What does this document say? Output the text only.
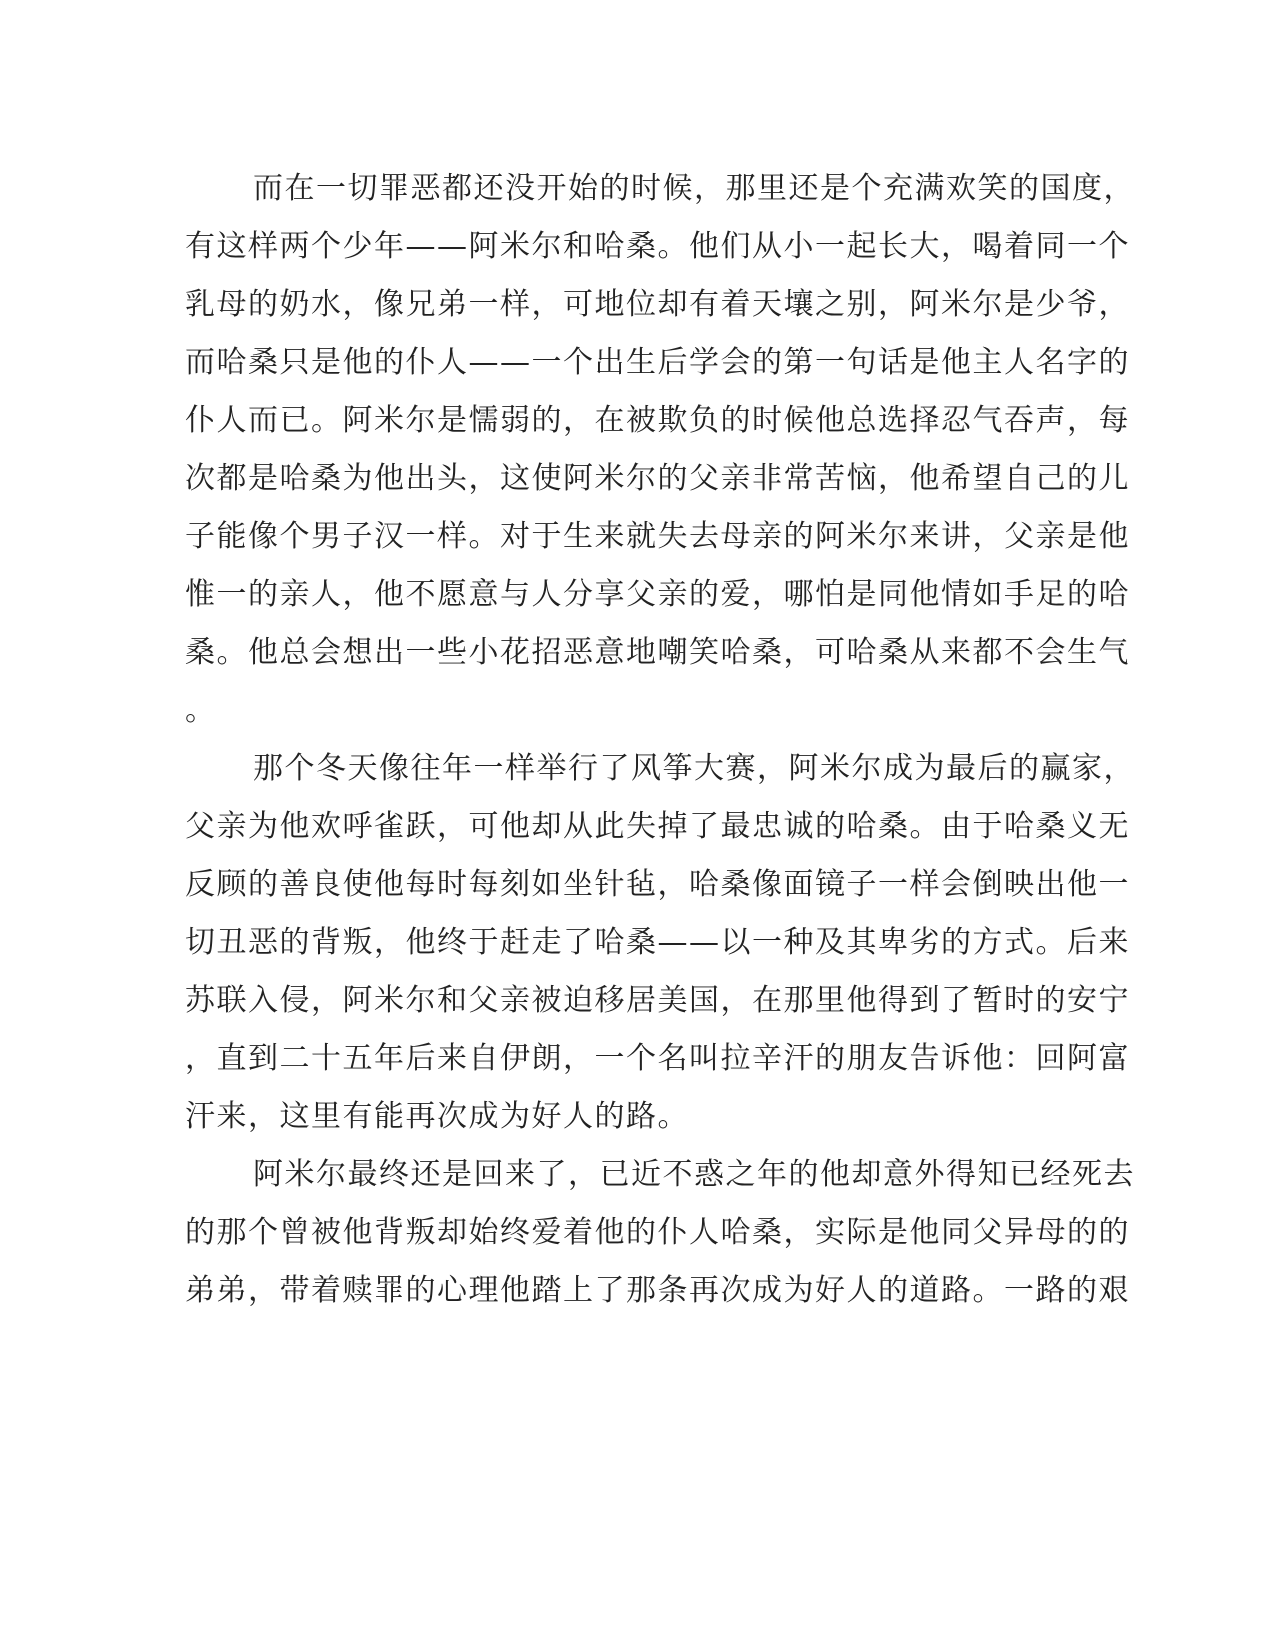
而在一切罪恶都还没开始的时候，那里还是个充满欢笑的国度，
有这样两个少年——阿米尔和哈桑。他们从小一起长大，喝着同一个
乳母的奶水，像兄弟一样，可地位却有着天壤之别，阿米尔是少爷，
而哈桑只是他的仆人——一个出生后学会的第一句话是他主人名字的
仆人而已。阿米尔是懦弱的，在被欺负的时候他总选择忍气吞声，每
次都是哈桑为他出头，这使阿米尔的父亲非常苦恼，他希望自己的儿
子能像个男子汉一样。对于生来就失去母亲的阿米尔来讲，父亲是他
惟一的亲人，他不愿意与人分享父亲的爱，哪怕是同他情如手足的哈
桑。他总会想出一些小花招恶意地嘲笑哈桑，可哈桑从来都不会生气
。
那个冬天像往年一样举行了风筝大赛，阿米尔成为最后的赢家，
父亲为他欢呼雀跃，可他却从此失掉了最忠诚的哈桑。由于哈桑义无
反顾的善良使他每时每刻如坐针毡，哈桑像面镜子一样会倒映出他一
切丑恶的背叛，他终于赶走了哈桑——以一种及其卑劣的方式。后来
苏联入侵，阿米尔和父亲被迫移居美国，在那里他得到了暂时的安宁
，直到二十五年后来自伊朗，一个名叫拉辛汗的朋友告诉他：回阿富
汗来，这里有能再次成为好人的路。
阿米尔最终还是回来了，已近不惑之年的他却意外得知已经死去
的那个曾被他背叛却始终爱着他的仆人哈桑，实际是他同父异母的的
弟弟，带着赎罪的心理他踏上了那条再次成为好人的道路。一路的艰
